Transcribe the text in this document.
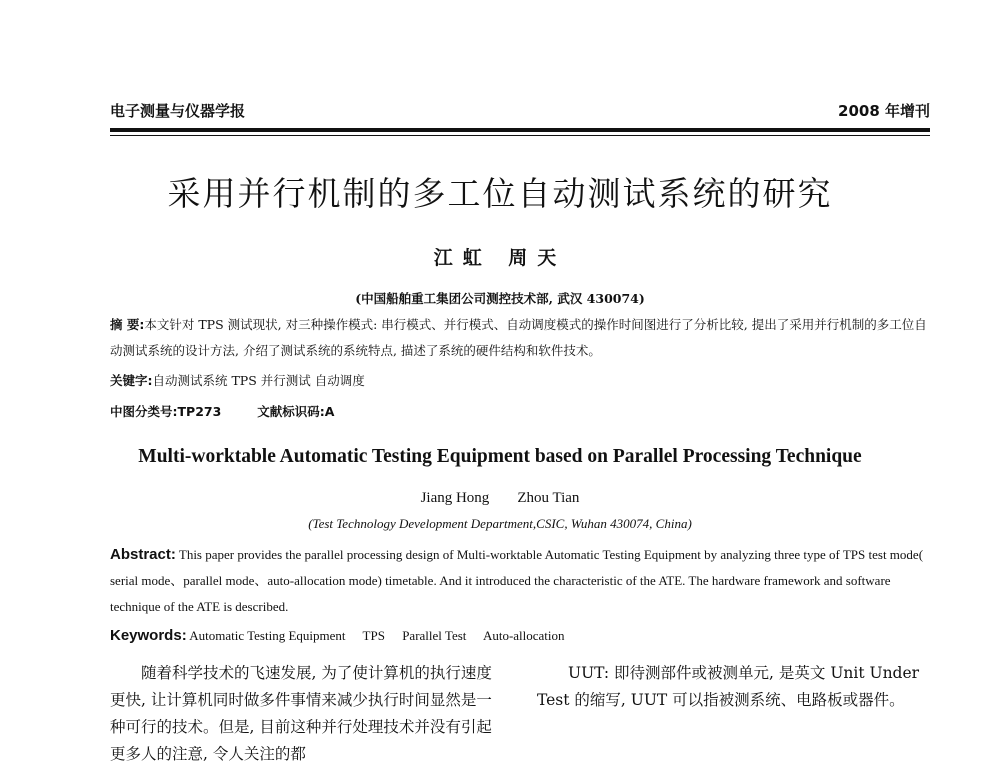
电子测量与仪器学报	2008 年增刊
采用并行机制的多工位自动测试系统的研究
江虹 周天
(中国船舶重工集团公司测控技术部, 武汉 430074)
摘 要:本文针对 TPS 测试现状, 对三种操作模式: 串行模式、并行模式、自动调度模式的操作时间图进行了分析比较, 提出了采用并行机制的多工位自动测试系统的设计方法, 介绍了测试系统的系统特点, 描述了系统的硬件结构和软件技术。
关键字:自动测试系统 TPS 并行测试 自动调度
中图分类号:TP273	文献标识码:A
Multi-worktable Automatic Testing Equipment based on Parallel Processing Technique
Jiang Hong Zhou Tian
(Test Technology Development Department,CSIC, Wuhan 430074, China)
Abstract: This paper provides the parallel processing design of Multi-worktable Automatic Testing Equipment by analyzing three type of TPS test mode( serial mode、parallel mode、auto-allocation mode) timetable. And it introduced the characteristic of the ATE. The hardware framework and software technique of the ATE is described.
Keywords: Automatic Testing Equipment TPS Parallel Test Auto-allocation

随着科学技术的飞速发展, 为了使计算机的执行速度更快, 让计算机同时做多件事情来减少执行时间显然是一种可行的技术。但是, 目前这种并行处理技术并没有引起更多人的注意, 令人关注的都

UUT: 即待测部件或被测单元, 是英文 Unit Under Test 的缩写, UUT 可以指被测系统、电路板或器件。
